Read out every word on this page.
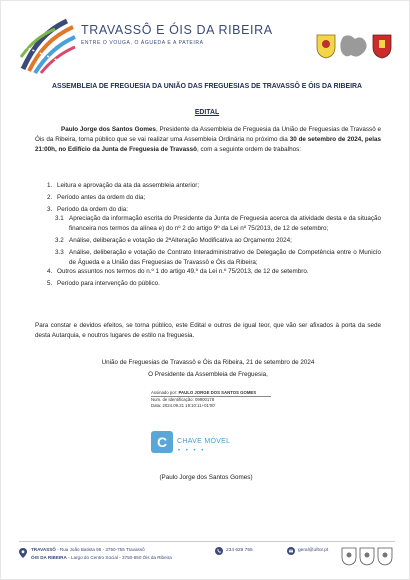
TRAVASSÔ E ÓIS DA RIBEIRA
ENTRE O VOUGA, O ÁGUEDA E A PATEIRA
ASSEMBLEIA DE FREGUESIA DA UNIÃO DAS FREGUESIAS DE TRAVASSÔ E ÓIS DA RIBEIRA
EDITAL

Paulo Jorge dos Santos Gomes, Presidente da Assembleia de Freguesia da União de Freguesias de Travassô e Óis da Ribeira, torna público que se vai realizar uma Assembleia Ordinária no próximo dia 30 de setembro de 2024, pelas 21:00h, no Edifício da Junta de Freguesia de Travassô, com a seguinte ordem de trabalhos:

1. Leitura e aprovação da ata da assembleia anterior;
2. Período antes da ordem do dia;
3. Período da ordem do dia:
3.1 Apreciação da informação escrita do Presidente da Junta de Freguesia acerca da atividade desta e da situação financeira nos termos da alínea e) do nº 2 do artigo 9º da Lei nº 75/2013, de 12 de setembro;
3.2 Análise, deliberação e votação de 2ªAlteração Modificativa ao Orçamento 2024;
3.3 Análise, deliberação e votação de Contrato Interadministrativo de Delegação de Competência entre o Municío de Águeda e a União das Freguesias de Travassô e Óis da Ribeira;
4. Outros assuntos nos termos do n.º 1 do artigo 49.º da Lei n.º 75/2013, de 12 de setembro.
5. Período para intervenção do público.

Para constar e devidos efeitos, se torna público, este Edital e outros de igual teor, que vão ser afixados à porta da sede desta Autarquia, e noutros lugares de estilo na freguesia.

União de Freguesias de Travassô e Óis da Ribeira, 21 de setembro de 2024
O Presidente da Assembleia de Freguesia,
Assinado por: PAULO JORGE DOS SANTOS GOMES
Num. de Identificação: 09900178
Data: 2024.09.21 19:10:11+01'00'
C	CHAVE MÓVEL
• • • •
(Paulo Jorge dos Santos Gomes)
TRAVASSÔ - Rua João Batista 95 - 3750-755 Travassô
ÓIS DA RIBEIRA - Largo do Centro Social - 3750-650 Óis da Ribeira
234 629 755	geral@uftor.pt
